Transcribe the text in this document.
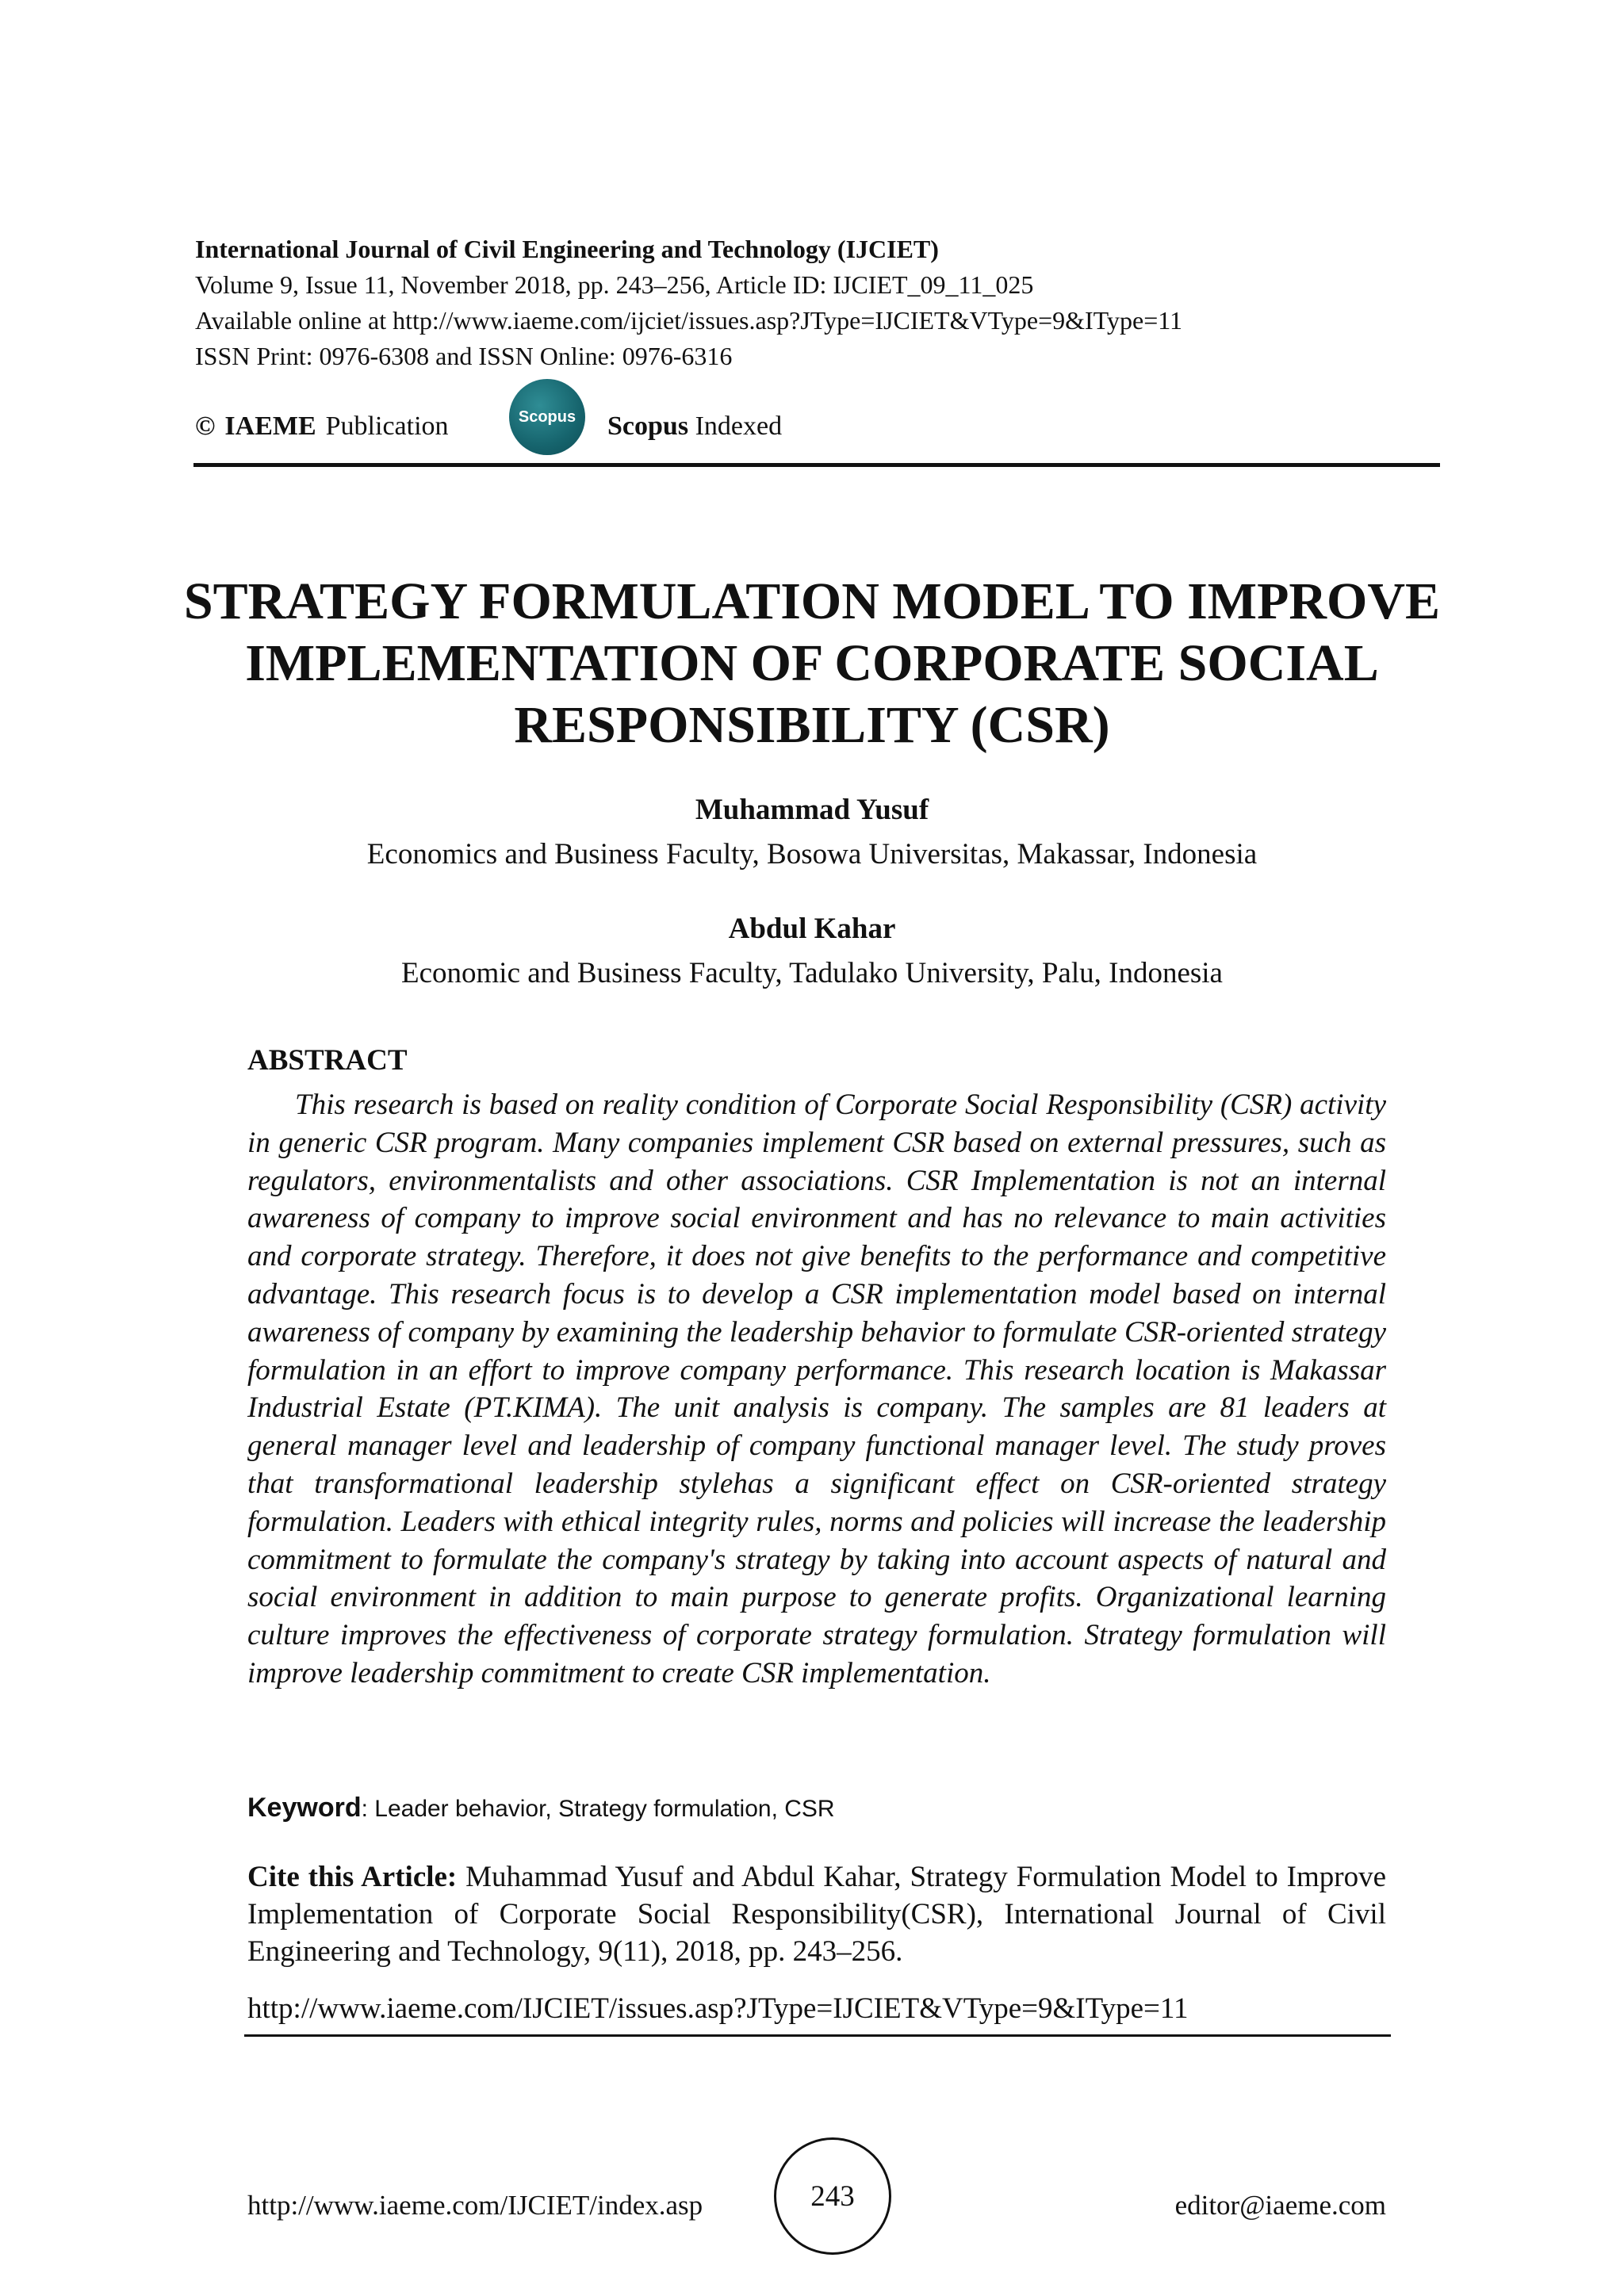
International Journal of Civil Engineering and Technology (IJCIET)
Volume 9, Issue 11, November 2018, pp. 243–256, Article ID: IJCIET_09_11_025
Available online at http://www.iaeme.com/ijciet/issues.asp?JType=IJCIET&VType=9&IType=11
ISSN Print: 0976-6308 and ISSN Online: 0976-6316
© IAEME Publication	Scopus Scopus Indexed
STRATEGY FORMULATION MODEL TO IMPROVE IMPLEMENTATION OF CORPORATE SOCIAL RESPONSIBILITY (CSR)
Muhammad Yusuf
Economics and Business Faculty, Bosowa Universitas, Makassar, Indonesia
Abdul Kahar
Economic and Business Faculty, Tadulako University, Palu, Indonesia
ABSTRACT

This research is based on reality condition of Corporate Social Responsibility (CSR) activity in generic CSR program. Many companies implement CSR based on external pressures, such as regulators, environmentalists and other associations. CSR Implementation is not an internal awareness of company to improve social environment and has no relevance to main activities and corporate strategy. Therefore, it does not give benefits to the performance and competitive advantage. This research focus is to develop a CSR implementation model based on internal awareness of company by examining the leadership behavior to formulate CSR-oriented strategy formulation in an effort to improve company performance. This research location is Makassar Industrial Estate (PT.KIMA). The unit analysis is company. The samples are 81 leaders at general manager level and leadership of company functional manager level. The study proves that transformational leadership stylehas a significant effect on CSR-oriented strategy formulation. Leaders with ethical integrity rules, norms and policies will increase the leadership commitment to formulate the company's strategy by taking into account aspects of natural and social environment in addition to main purpose to generate profits. Organizational learning culture improves the effectiveness of corporate strategy formulation. Strategy formulation will improve leadership commitment to create CSR implementation.

Keyword: Leader behavior, Strategy formulation, CSR

Cite this Article: Muhammad Yusuf and Abdul Kahar, Strategy Formulation Model to Improve Implementation of Corporate Social Responsibility(CSR), International Journal of Civil Engineering and Technology, 9(11), 2018, pp. 243–256.

http://www.iaeme.com/IJCIET/issues.asp?JType=IJCIET&VType=9&IType=11
http://www.iaeme.com/IJCIET/index.asp	243	editor@iaeme.com
